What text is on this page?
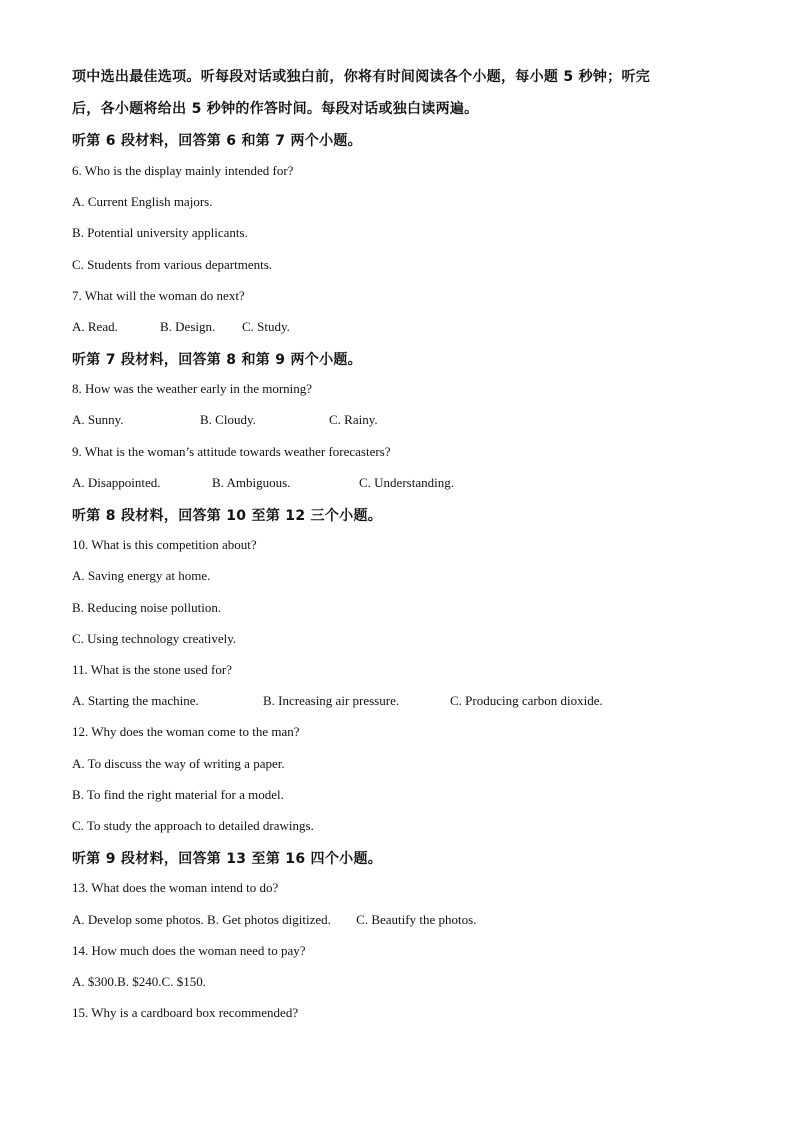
项中选出最佳选项。听每段对话或独白前，你将有时间阅读各个小题，每小题 5 秒钟；听完
后，各小题将给出 5 秒钟的作答时间。每段对话或独白读两遍。
听第 6 段材料，回答第 6 和第 7 两个小题。
6. Who is the display mainly intended for?
A. Current English majors.
B. Potential university applicants.
C. Students from various departments.
7. What will the woman do next?
A. Read.	B. Design. C. Study.
听第 7 段材料，回答第 8 和第 9 两个小题。
8. How was the weather early in the morning?
A. Sunny.	B. Cloudy.	C. Rainy.
9. What is the woman’s attitude towards weather forecasters?
A. Disappointed.	B. Ambiguous.	C. Understanding.
听第 8 段材料，回答第 10 至第 12 三个小题。
10. What is this competition about?
A. Saving energy at home.
B. Reducing noise pollution.
C. Using technology creatively.
11. What is the stone used for?
A. Starting the machine.	B. Increasing air pressure.	C. Producing carbon dioxide.
12. Why does the woman come to the man?
A. To discuss the way of writing a paper.
B. To find the right material for a model.
C. To study the approach to detailed drawings.
听第 9 段材料，回答第 13 至第 16 四个小题。
13. What does the woman intend to do?
A. Develop some photos. B. Get photos digitized. C. Beautify the photos.
14. How much does the woman need to pay?
A. $300.B. $240.C. $150.
15. Why is a cardboard box recommended?
